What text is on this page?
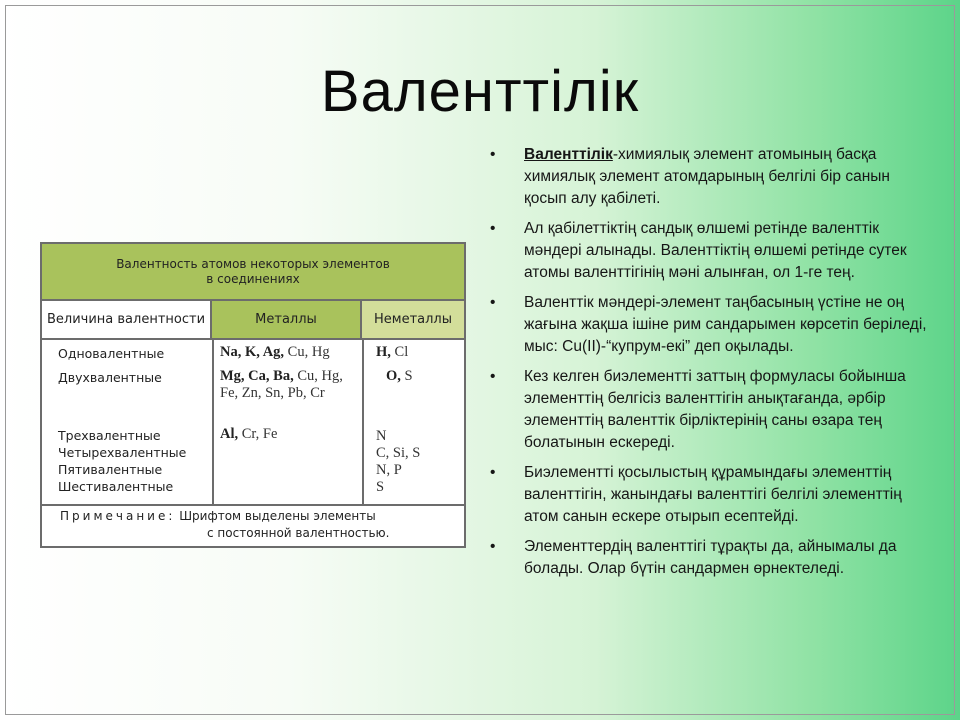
Валенттілік
Валентность атомов некоторых элементов
в соединениях
Величина валентности	Металлы	Неметаллы
Одновалентные
Двухвалентные
Трехвалентные
Четырехвалентные
Пятивалентные
Шестивалентные
Na, K, Ag, Cu, Hg
Mg, Ca, Ba, Cu, Hg, Fe, Zn, Sn, Pb, Cr
Al, Cr, Fe
H, Cl
O, S
N
C, Si, S
N, P
S
Примечание: Шрифтом выделены элементы
с постоянной валентностью.
• Валенттілік-химиялық элемент атомының басқа химиялық элемент атомдарының белгілі бір санын қосып алу қабілеті.
• Ал қабілеттіктің сандық өлшемі ретінде валенттік мәндері алынады. Валенттіктің өлшемі ретінде сутек атомы валенттігінің мәні алынған, ол 1-ге тең.
• Валенттік мәндері-элемент таңбасының үстіне не оң жағына жақша ішіне рим сандарымен көрсетіп беріледі, мыс: Cu(II)-“купрум-екі” деп оқылады.
• Кез келген биэлементті заттың формуласы бойынша элементтің белгісіз валенттігін анықтағанда, әрбір элементтің валенттік бірліктерінің саны өзара тең болатынын ескереді.
• Биэлементті қосылыстың құрамындағы элементтің валенттігін, жанындағы валенттігі белгілі элементтің атом санын ескере отырып есептейді.
• Элементтердің валенттігі тұрақты да, айнымалы да болады. Олар бүтін сандармен өрнектеледі.
